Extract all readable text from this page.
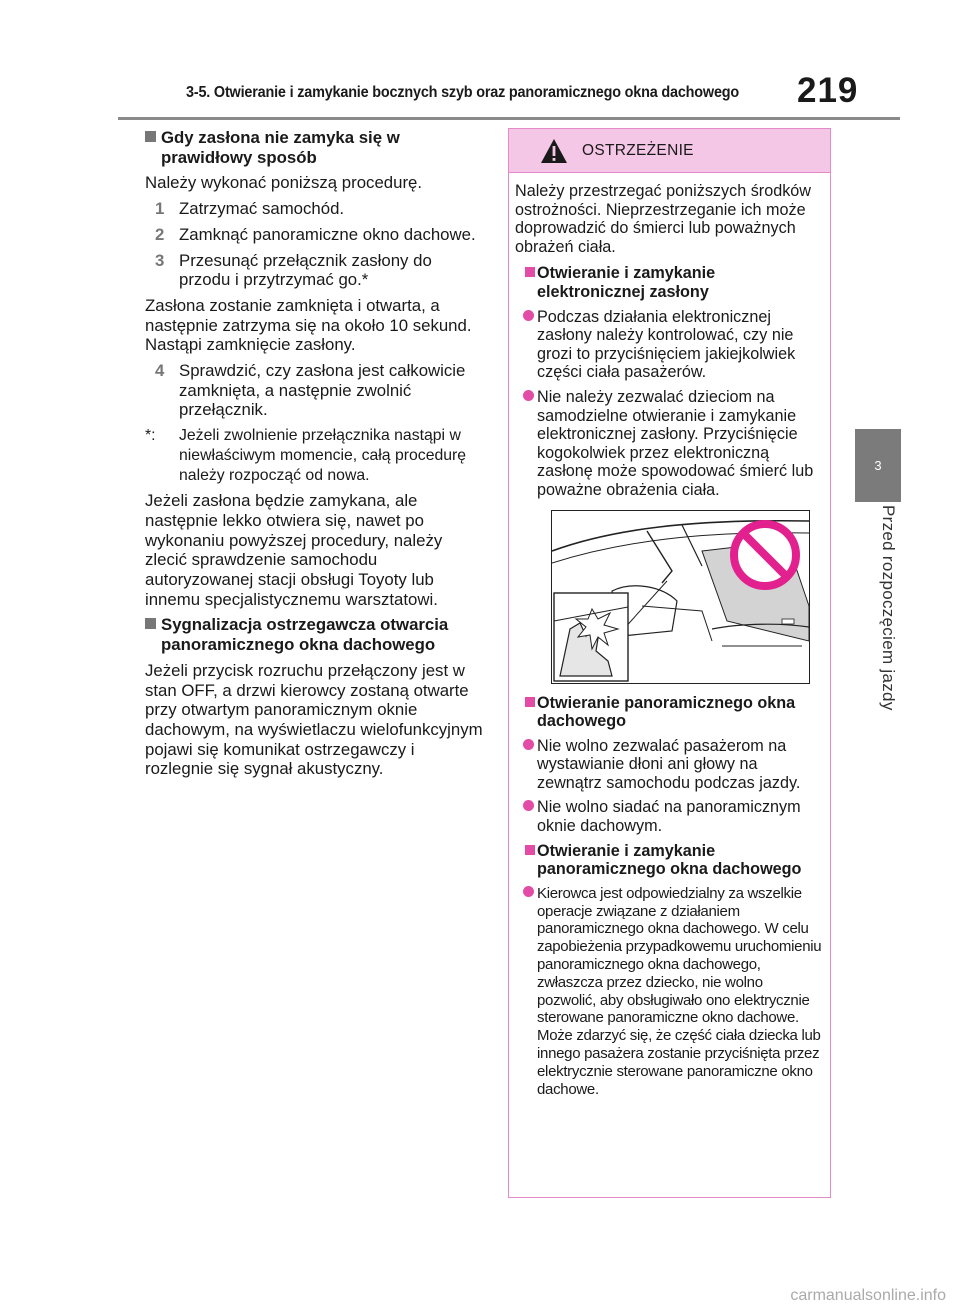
3-5. Otwieranie i zamykanie bocznych szyb oraz panoramicznego okna dachowego 219
3
Przed rozpoczęciem jazdy
Gdy zasłona nie zamyka się w prawidłowy sposób

Należy wykonać poniższą procedurę.

1 Zatrzymać samochód.
2 Zamknąć panoramiczne okno dachowe.
3 Przesunąć przełącznik zasłony do przodu i przytrzymać go.*

Zasłona zostanie zamknięta i otwarta, a następnie zatrzyma się na około 10 sekund. Nastąpi zamknięcie zasłony.

4 Sprawdzić, czy zasłona jest całkowicie zamknięta, a następnie zwolnić przełącznik.
*:	Jeżeli zwolnienie przełącznika nastąpi w niewłaściwym momencie, całą procedurę należy rozpocząć od nowa.

Jeżeli zasłona będzie zamykana, ale następnie lekko otwiera się, nawet po wykonaniu powyższej procedury, należy zlecić sprawdzenie samochodu autoryzowanej stacji obsługi Toyoty lub innemu specjalistycznemu warsztatowi.

Sygnalizacja ostrzegawcza otwarcia panoramicznego okna dachowego

Jeżeli przycisk rozruchu przełączony jest w stan OFF, a drzwi kierowcy zostaną otwarte przy otwartym panoramicznym oknie dachowym, na wyświetlaczu wielofunkcyjnym pojawi się komunikat ostrzegawczy i rozlegnie się sygnał akustyczny.

OSTRZEŻENIE

Należy przestrzegać poniższych środków ostrożności. Nieprzestrzeganie ich może doprowadzić do śmierci lub poważnych obrażeń ciała.

Otwieranie i zamykanie elektronicznej zasłony
Podczas działania elektronicznej zasłony należy kontrolować, czy nie grozi to przyciśnięciem jakiejkolwiek części ciała pasażerów.
Nie należy zezwalać dzieciom na samodzielne otwieranie i zamykanie elektronicznej zasłony. Przyciśnięcie kogokolwiek przez elektroniczną zasłonę może spowodować śmierć lub poważne obrażenia ciała.
Otwieranie panoramicznego okna dachowego
Nie wolno zezwalać pasażerom na wystawianie dłoni ani głowy na zewnątrz samochodu podczas jazdy.
Nie wolno siadać na panoramicznym oknie dachowym.
Otwieranie i zamykanie panoramicznego okna dachowego
Kierowca jest odpowiedzialny za wszelkie operacje związane z działaniem panoramicznego okna dachowego. W celu zapobieżenia przypadkowemu uruchomieniu panoramicznego okna dachowego, zwłaszcza przez dziecko, nie wolno pozwolić, aby obsługiwało ono elektrycznie sterowane panoramiczne okno dachowe. Może zdarzyć się, że część ciała dziecka lub innego pasażera zostanie przyciśnięta przez elektrycznie sterowane panoramiczne okno dachowe.
carmanualsonline.info
